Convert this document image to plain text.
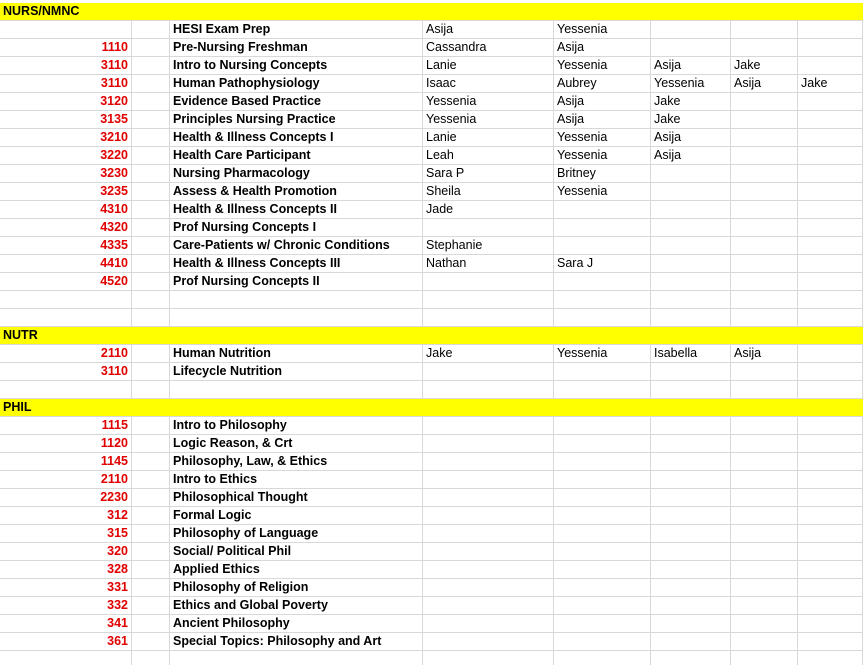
NURS/NMNC
HESI Exam Prep	Asija	Yessenia
1110	Pre-Nursing Freshman	Cassandra	Asija
3110	Intro to Nursing Concepts	Lanie	Yessenia	Asija	Jake
3110	Human Pathophysiology	Isaac	Aubrey	Yessenia	Asija	Jake
3120	Evidence Based Practice	Yessenia	Asija	Jake
3135	Principles Nursing Practice	Yessenia	Asija	Jake
3210	Health & Illness Concepts I	Lanie	Yessenia	Asija
3220	Health Care Participant	Leah	Yessenia	Asija
3230	Nursing Pharmacology	Sara P	Britney
3235	Assess & Health Promotion	Sheila	Yessenia
4310	Health & Illness Concepts II	Jade
4320	Prof Nursing Concepts I
4335	Care-Patients w/ Chronic Conditions	Stephanie
4410	Health & Illness Concepts III	Nathan	Sara J
4520	Prof Nursing Concepts II
NUTR
2110	Human Nutrition	Jake	Yessenia	Isabella	Asija
3110	Lifecycle Nutrition
PHIL
1115	Intro to Philosophy
1120	Logic Reason, & Crt
1145	Philosophy, Law, & Ethics
2110	Intro to Ethics
2230	Philosophical Thought
312	Formal Logic
315	Philosophy of Language
320	Social/ Political Phil
328	Applied Ethics
331	Philosophy of Religion
332	Ethics and Global Poverty
341	Ancient Philosophy
361	Special Topics: Philosophy and Art
